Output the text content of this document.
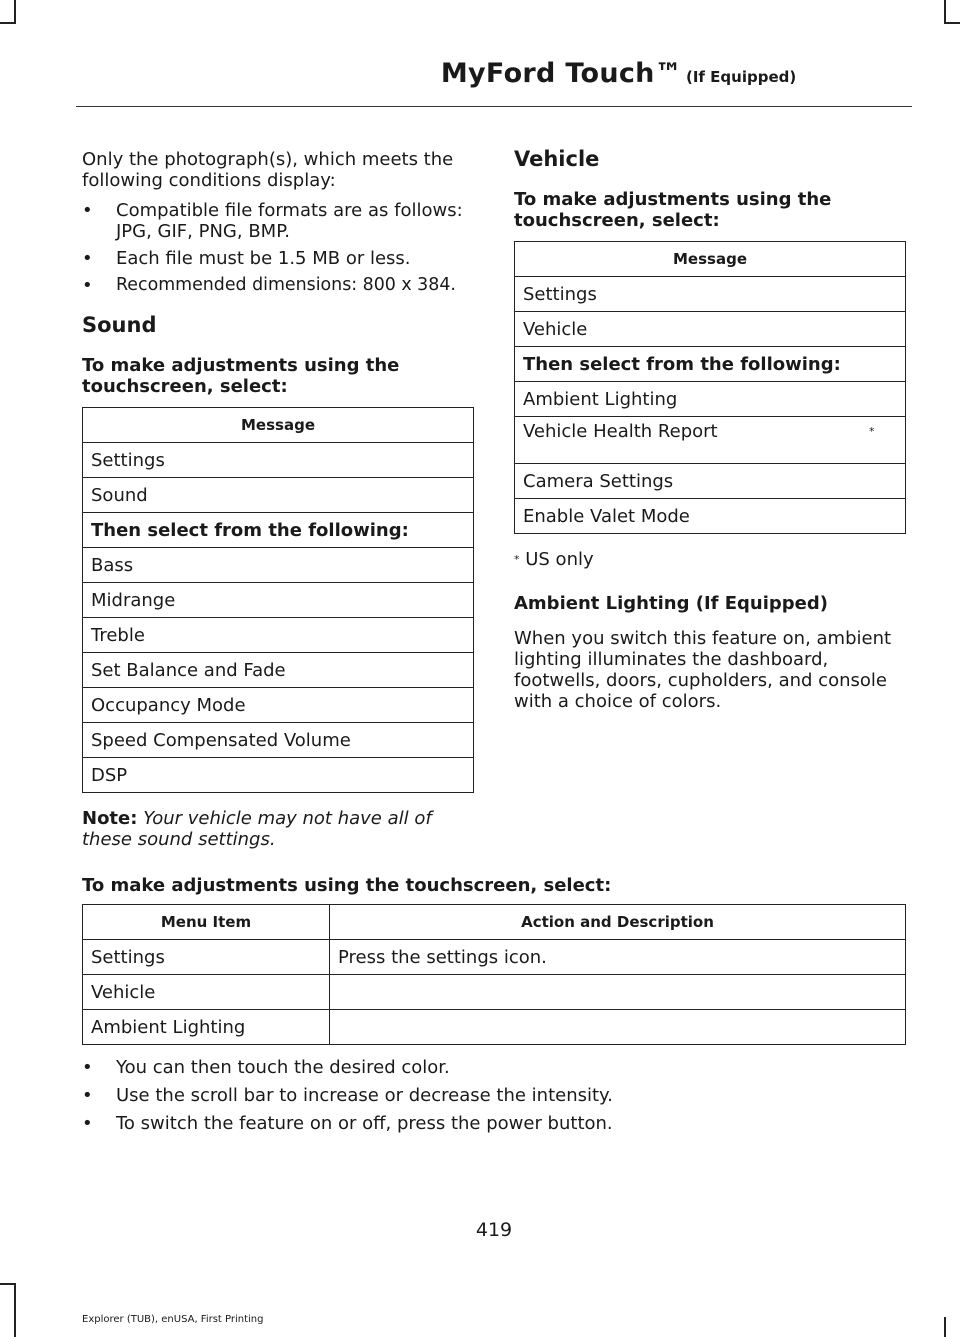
MyFord Touch™ (If Equipped)

Only the photograph(s), which meets the following conditions display:

• Compatible file formats are as follows: JPG, GIF, PNG, BMP.
• Each file must be 1.5 MB or less.
• Recommended dimensions: 800 x 384.
Sound
To make adjustments using the touchscreen, select:
Message
Settings
Sound
Then select from the following:
Bass
Midrange
Treble
Set Balance and Fade
Occupancy Mode
Speed Compensated Volume
DSP

Note: Your vehicle may not have all of these sound settings.

Vehicle
To make adjustments using the touchscreen, select:
Message
Settings
Vehicle
Then select from the following:
Ambient Lighting
Vehicle Health Report	*

Camera Settings
Enable Valet Mode

* US only

Ambient Lighting (If Equipped)

When you switch this feature on, ambient lighting illuminates the dashboard, footwells, doors, cupholders, and console with a choice of colors.

To make adjustments using the touchscreen, select:
Menu Item	Action and Description
Settings	Press the settings icon.
Vehicle	
Ambient Lighting	
• You can then touch the desired color.
• Use the scroll bar to increase or decrease the intensity.
• To switch the feature on or off, press the power button.
419
Explorer (TUB), enUSA, First Printing
